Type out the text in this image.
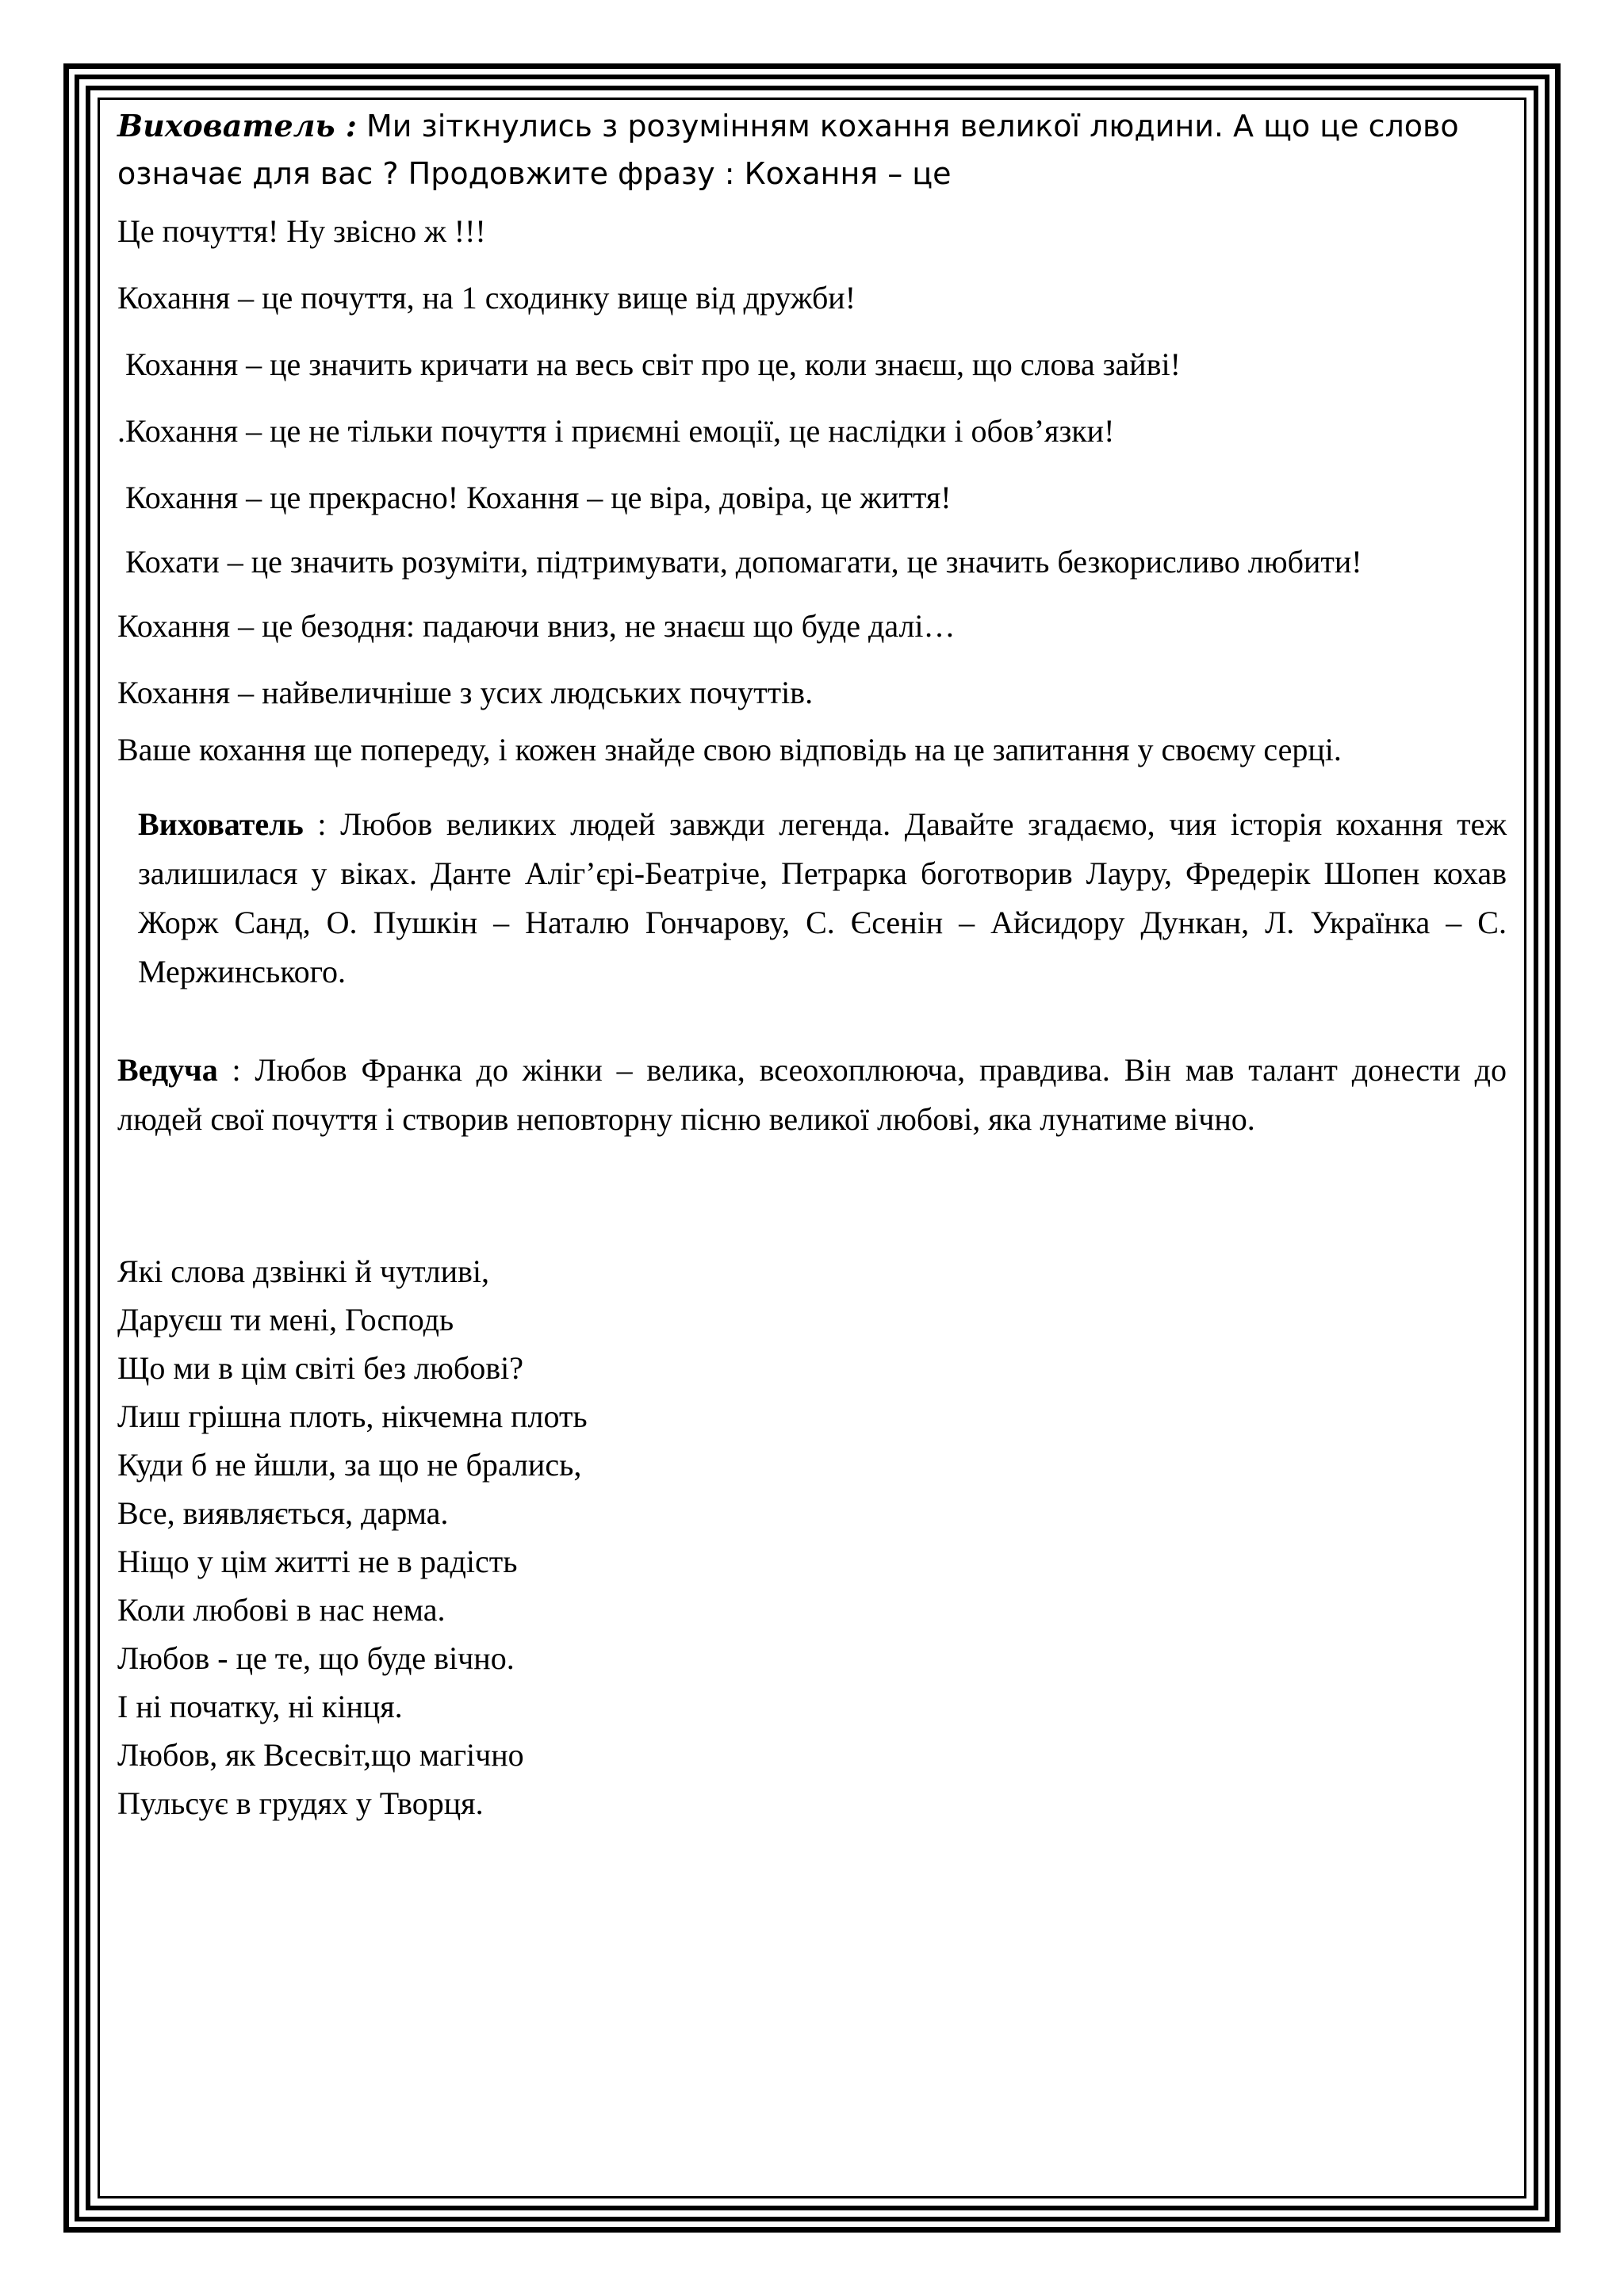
Вихователь : Ми зіткнулись з розумінням кохання великої людини. А що це слово означає для вас ? Продовжите фразу : Кохання – це

Це почуття! Ну звісно ж !!!

Кохання – це почуття, на 1 сходинку вище від дружби!

Кохання – це значить кричати на весь світ про це, коли знаєш, що слова зайві!

.Кохання – це не тільки почуття і приємні емоції, це наслідки і обов’язки!

Кохання – це прекрасно! Кохання – це віра, довіра, це життя!

Кохати – це значить розуміти, підтримувати, допомагати, це значить безкорисливо любити!

Кохання – це безодня: падаючи вниз, не знаєш що буде далі…

Кохання – найвеличніше з усих людських почуттів.

Ваше кохання ще попереду, і кожен знайде свою відповідь на це запитання у своєму серці.

Вихователь : Любов великих людей завжди легенда. Давайте згадаємо, чия історія кохання теж залишилася у віках. Данте Аліг’єрі-Беатріче, Петрарка боготворив Лауру, Фредерік Шопен кохав Жорж Санд, О. Пушкін – Наталю Гончарову, С. Єсенін – Айсидору Дункан, Л. Українка – С. Мержинського.

Ведуча : Любов Франка до жінки – велика, всеохоплююча, правдива. Він мав талант донести до людей свої почуття і створив неповторну пісню великої любові, яка лунатиме вічно.

Які слова дзвінкі й чутливі,

Даруєш ти мені, Господь

Що ми в цім світі без любові?

Лиш грішна плоть, нікчемна плоть

Куди б не йшли, за що не брались,

Все, виявляється, дарма.

Ніщо у цім житті не в радість

Коли любові в нас нема.

Любов - це те, що буде вічно.

І ні початку, ні кінця.

Любов, як Всесвіт,що магічно

Пульсує в грудях у Творця.
